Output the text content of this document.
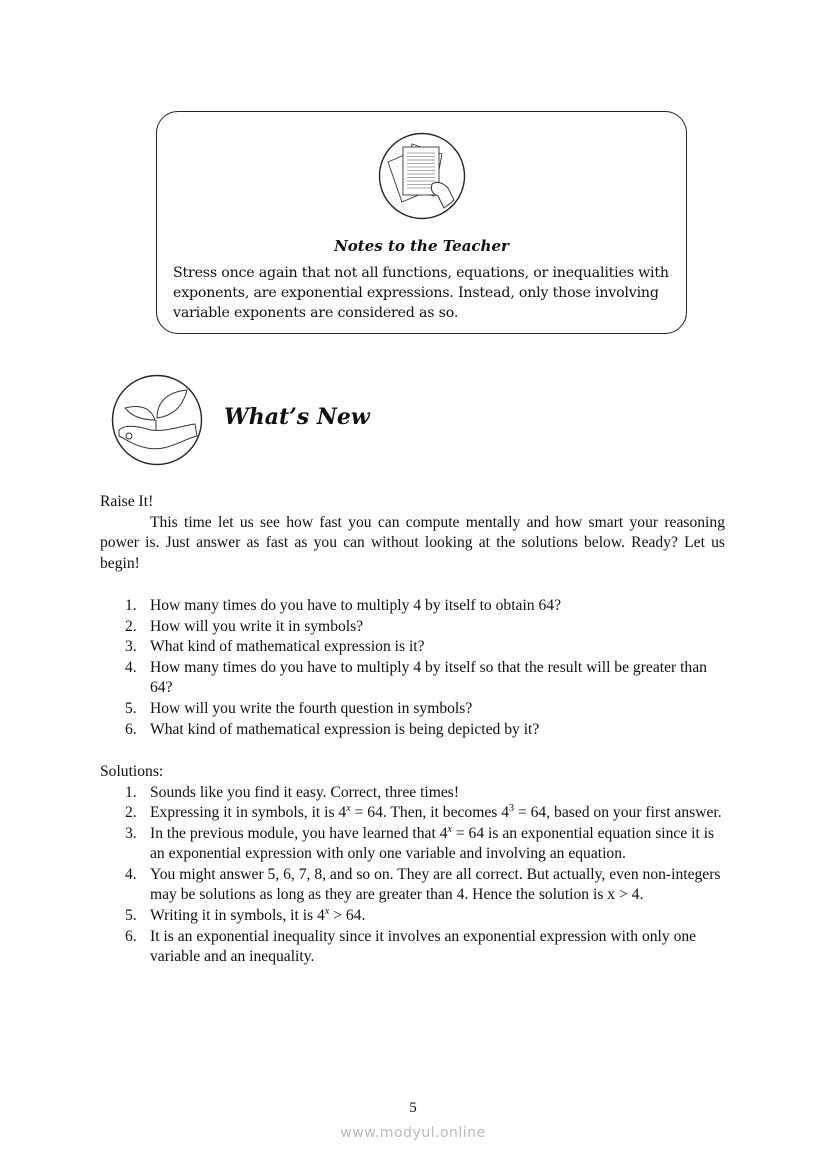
Notes to the Teacher
Stress once again that not all functions, equations, or inequalities with exponents, are exponential expressions. Instead, only those involving variable exponents are considered as so.
What’s New
Raise It!
This time let us see how fast you can compute mentally and how smart your reasoning power is. Just answer as fast as you can without looking at the solutions below. Ready? Let us begin!
1. How many times do you have to multiply 4 by itself to obtain 64?
2. How will you write it in symbols?
3. What kind of mathematical expression is it?
4. How many times do you have to multiply 4 by itself so that the result will be greater than 64?
5. How will you write the fourth question in symbols?
6. What kind of mathematical expression is being depicted by it?
Solutions:
1. Sounds like you find it easy. Correct, three times!
2. Expressing it in symbols, it is $4^x = 64$. Then, it becomes $4^3 = 64$, based on your first answer.
3. In the previous module, you have learned that $4^x = 64$ is an exponential equation since it is an exponential expression with only one variable and involving an equation.
4. You might answer 5, 6, 7, 8, and so on. They are all correct. But actually, even non-integers may be solutions as long as they are greater than 4. Hence the solution is x > 4.
5. Writing it in symbols, it is $4^x > 64$.
6. It is an exponential inequality since it involves an exponential expression with only one variable and an inequality.
5
www.modyul.online
